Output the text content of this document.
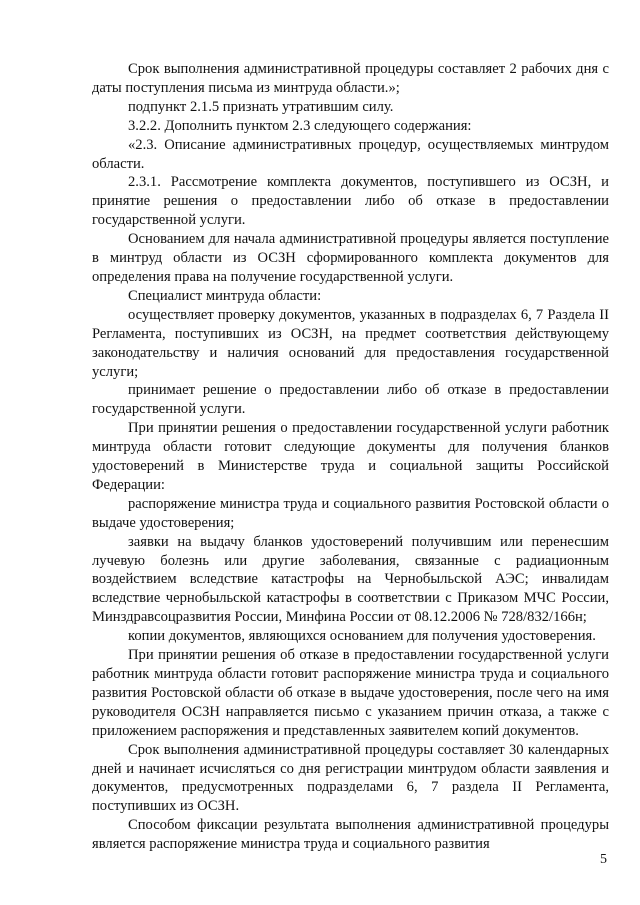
Срок выполнения административной процедуры составляет 2 рабочих дня с даты поступления письма из минтруда области.»;

подпункт 2.1.5 признать утратившим силу.

3.2.2. Дополнить пунктом 2.3 следующего содержания:

«2.3. Описание административных процедур, осуществляемых минтрудом области.

2.3.1. Рассмотрение комплекта документов, поступившего из ОСЗН, и принятие решения о предоставлении либо об отказе в предоставлении государственной услуги.

Основанием для начала административной процедуры является поступление в минтруд области из ОСЗН сформированного комплекта документов для определения права на получение государственной услуги.

Специалист минтруда области:

осуществляет проверку документов, указанных в подразделах 6, 7 Раздела II Регламента, поступивших из ОСЗН, на предмет соответствия действующему законодательству и наличия оснований для предоставления государственной услуги;

принимает решение о предоставлении либо об отказе в предоставлении государственной услуги.

При принятии решения о предоставлении государственной услуги работник минтруда области готовит следующие документы для получения бланков удостоверений в Министерстве труда и социальной защиты Российской Федерации:

распоряжение министра труда и социального развития Ростовской области о выдаче удостоверения;

заявки на выдачу бланков удостоверений получившим или перенесшим лучевую болезнь или другие заболевания, связанные с радиационным воздействием вследствие катастрофы на Чернобыльской АЭС; инвалидам вследствие чернобыльской катастрофы в соответствии с Приказом МЧС России, Минздравсоцразвития России, Минфина России от 08.12.2006 № 728/832/166н;

копии документов, являющихся основанием для получения удостоверения.

При принятии решения об отказе в предоставлении государственной услуги работник минтруда области готовит распоряжение министра труда и социального развития Ростовской области об отказе в выдаче удостоверения, после чего на имя руководителя ОСЗН направляется письмо с указанием причин отказа, а также с приложением распоряжения и представленных заявителем копий документов.

Срок выполнения административной процедуры составляет 30 календарных дней и начинает исчисляться со дня регистрации минтрудом области заявления и документов, предусмотренных подразделами 6, 7 раздела II Регламента, поступивших из ОСЗН.

Способом фиксации результата выполнения административной процедуры является распоряжение министра труда и социального развития

5
